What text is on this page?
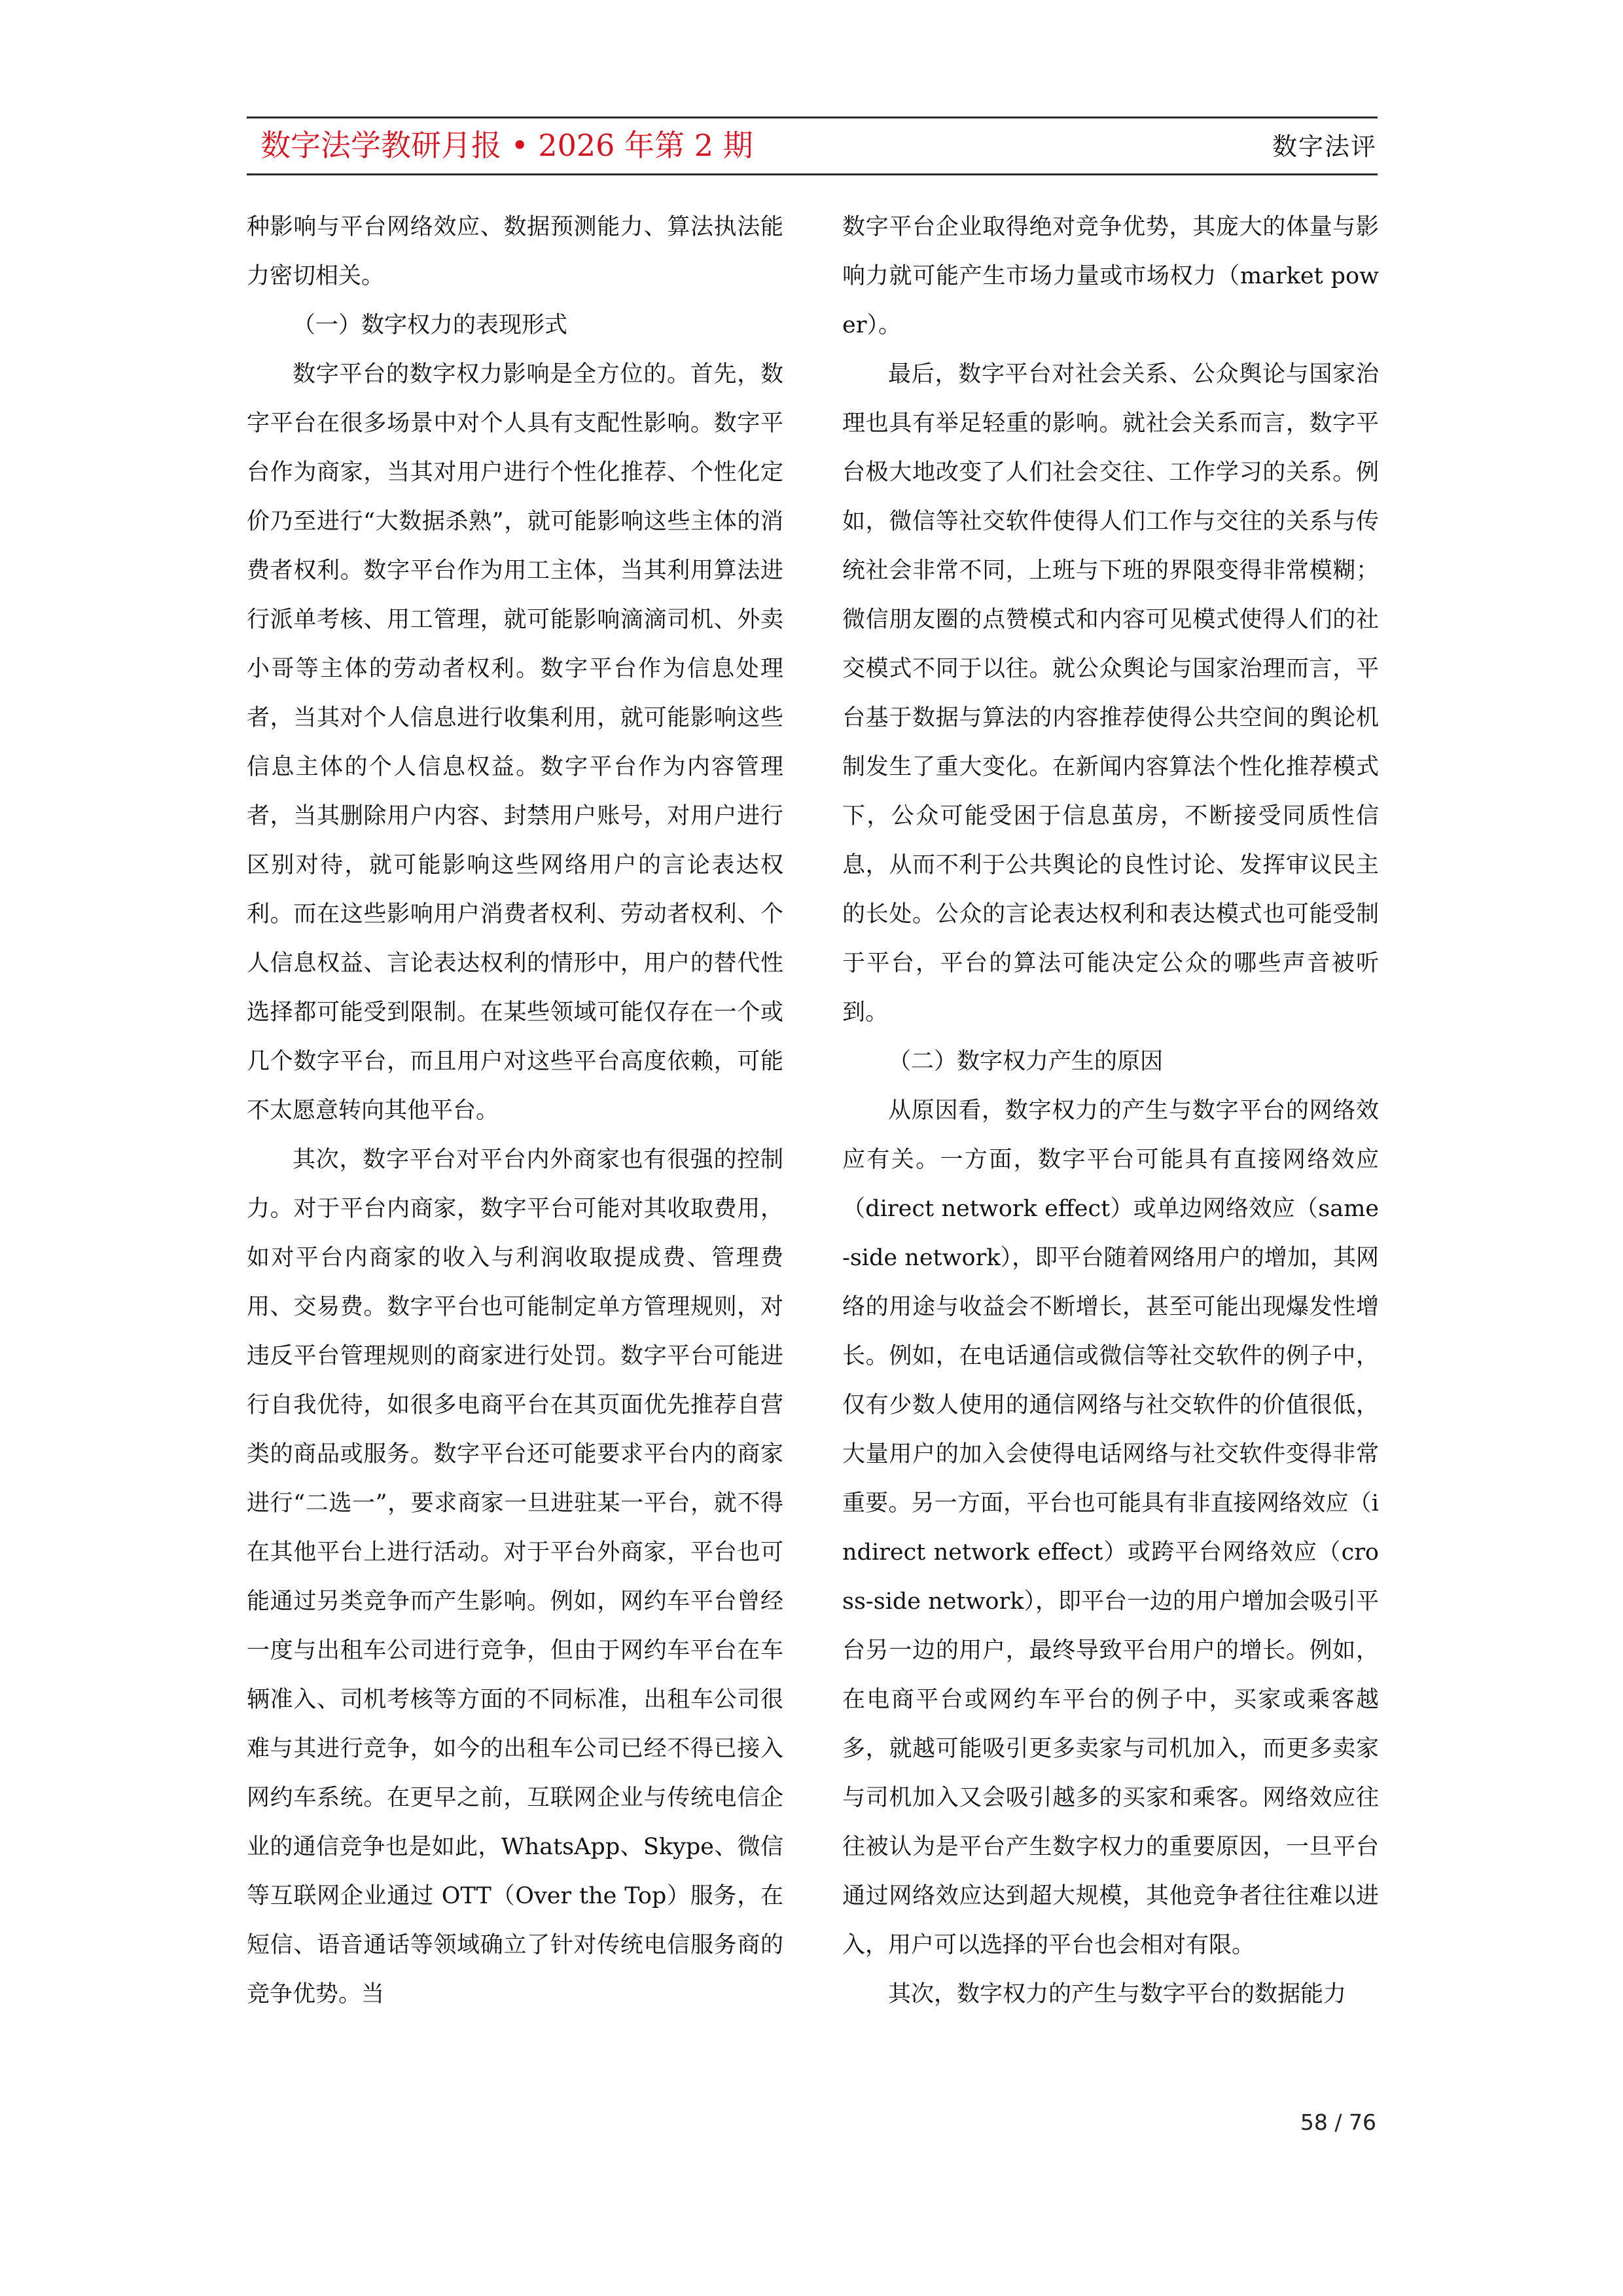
数字法学教研月报 • 2026 年第 2 期	数字法评

种影响与平台网络效应、数据预测能力、算法执法能力密切相关。

（一）数字权力的表现形式

数字平台的数字权力影响是全方位的。首先，数字平台在很多场景中对个人具有支配性影响。数字平台作为商家，当其对用户进行个性化推荐、个性化定价乃至进行“大数据杀熟”，就可能影响这些主体的消费者权利。数字平台作为用工主体，当其利用算法进行派单考核、用工管理，就可能影响滴滴司机、外卖小哥等主体的劳动者权利。数字平台作为信息处理者，当其对个人信息进行收集利用，就可能影响这些信息主体的个人信息权益。数字平台作为内容管理者，当其删除用户内容、封禁用户账号，对用户进行区别对待，就可能影响这些网络用户的言论表达权利。而在这些影响用户消费者权利、劳动者权利、个人信息权益、言论表达权利的情形中，用户的替代性选择都可能受到限制。在某些领域可能仅存在一个或几个数字平台，而且用户对这些平台高度依赖，可能不太愿意转向其他平台。

其次，数字平台对平台内外商家也有很强的控制力。对于平台内商家，数字平台可能对其收取费用，如对平台内商家的收入与利润收取提成费、管理费用、交易费。数字平台也可能制定单方管理规则，对违反平台管理规则的商家进行处罚。数字平台可能进行自我优待，如很多电商平台在其页面优先推荐自营类的商品或服务。数字平台还可能要求平台内的商家进行“二选一”，要求商家一旦进驻某一平台，就不得在其他平台上进行活动。对于平台外商家，平台也可能通过另类竞争而产生影响。例如，网约车平台曾经一度与出租车公司进行竞争，但由于网约车平台在车辆准入、司机考核等方面的不同标准，出租车公司很难与其进行竞争，如今的出租车公司已经不得已接入网约车系统。在更早之前，互联网企业与传统电信企业的通信竞争也是如此，WhatsApp、Skype、微信等互联网企业通过 OTT（Over the Top）服务，在短信、语音通话等领域确立了针对传统电信服务商的竞争优势。当

数字平台企业取得绝对竞争优势，其庞大的体量与影响力就可能产生市场力量或市场权力（market power）。

最后，数字平台对社会关系、公众舆论与国家治理也具有举足轻重的影响。就社会关系而言，数字平台极大地改变了人们社会交往、工作学习的关系。例如，微信等社交软件使得人们工作与交往的关系与传统社会非常不同，上班与下班的界限变得非常模糊；微信朋友圈的点赞模式和内容可见模式使得人们的社交模式不同于以往。就公众舆论与国家治理而言，平台基于数据与算法的内容推荐使得公共空间的舆论机制发生了重大变化。在新闻内容算法个性化推荐模式下，公众可能受困于信息茧房，不断接受同质性信息，从而不利于公共舆论的良性讨论、发挥审议民主的长处。公众的言论表达权利和表达模式也可能受制于平台，平台的算法可能决定公众的哪些声音被听到。

（二）数字权力产生的原因

从原因看，数字权力的产生与数字平台的网络效应有关。一方面，数字平台可能具有直接网络效应（direct network effect）或单边网络效应（same-side network），即平台随着网络用户的增加，其网络的用途与收益会不断增长，甚至可能出现爆发性增长。例如，在电话通信或微信等社交软件的例子中，仅有少数人使用的通信网络与社交软件的价值很低，大量用户的加入会使得电话网络与社交软件变得非常重要。另一方面，平台也可能具有非直接网络效应（indirect network effect）或跨平台网络效应（cross-side network），即平台一边的用户增加会吸引平台另一边的用户，最终导致平台用户的增长。例如，在电商平台或网约车平台的例子中，买家或乘客越多，就越可能吸引更多卖家与司机加入，而更多卖家与司机加入又会吸引越多的买家和乘客。网络效应往往被认为是平台产生数字权力的重要原因，一旦平台通过网络效应达到超大规模，其他竞争者往往难以进入，用户可以选择的平台也会相对有限。

其次，数字权力的产生与数字平台的数据能力

58 / 76
